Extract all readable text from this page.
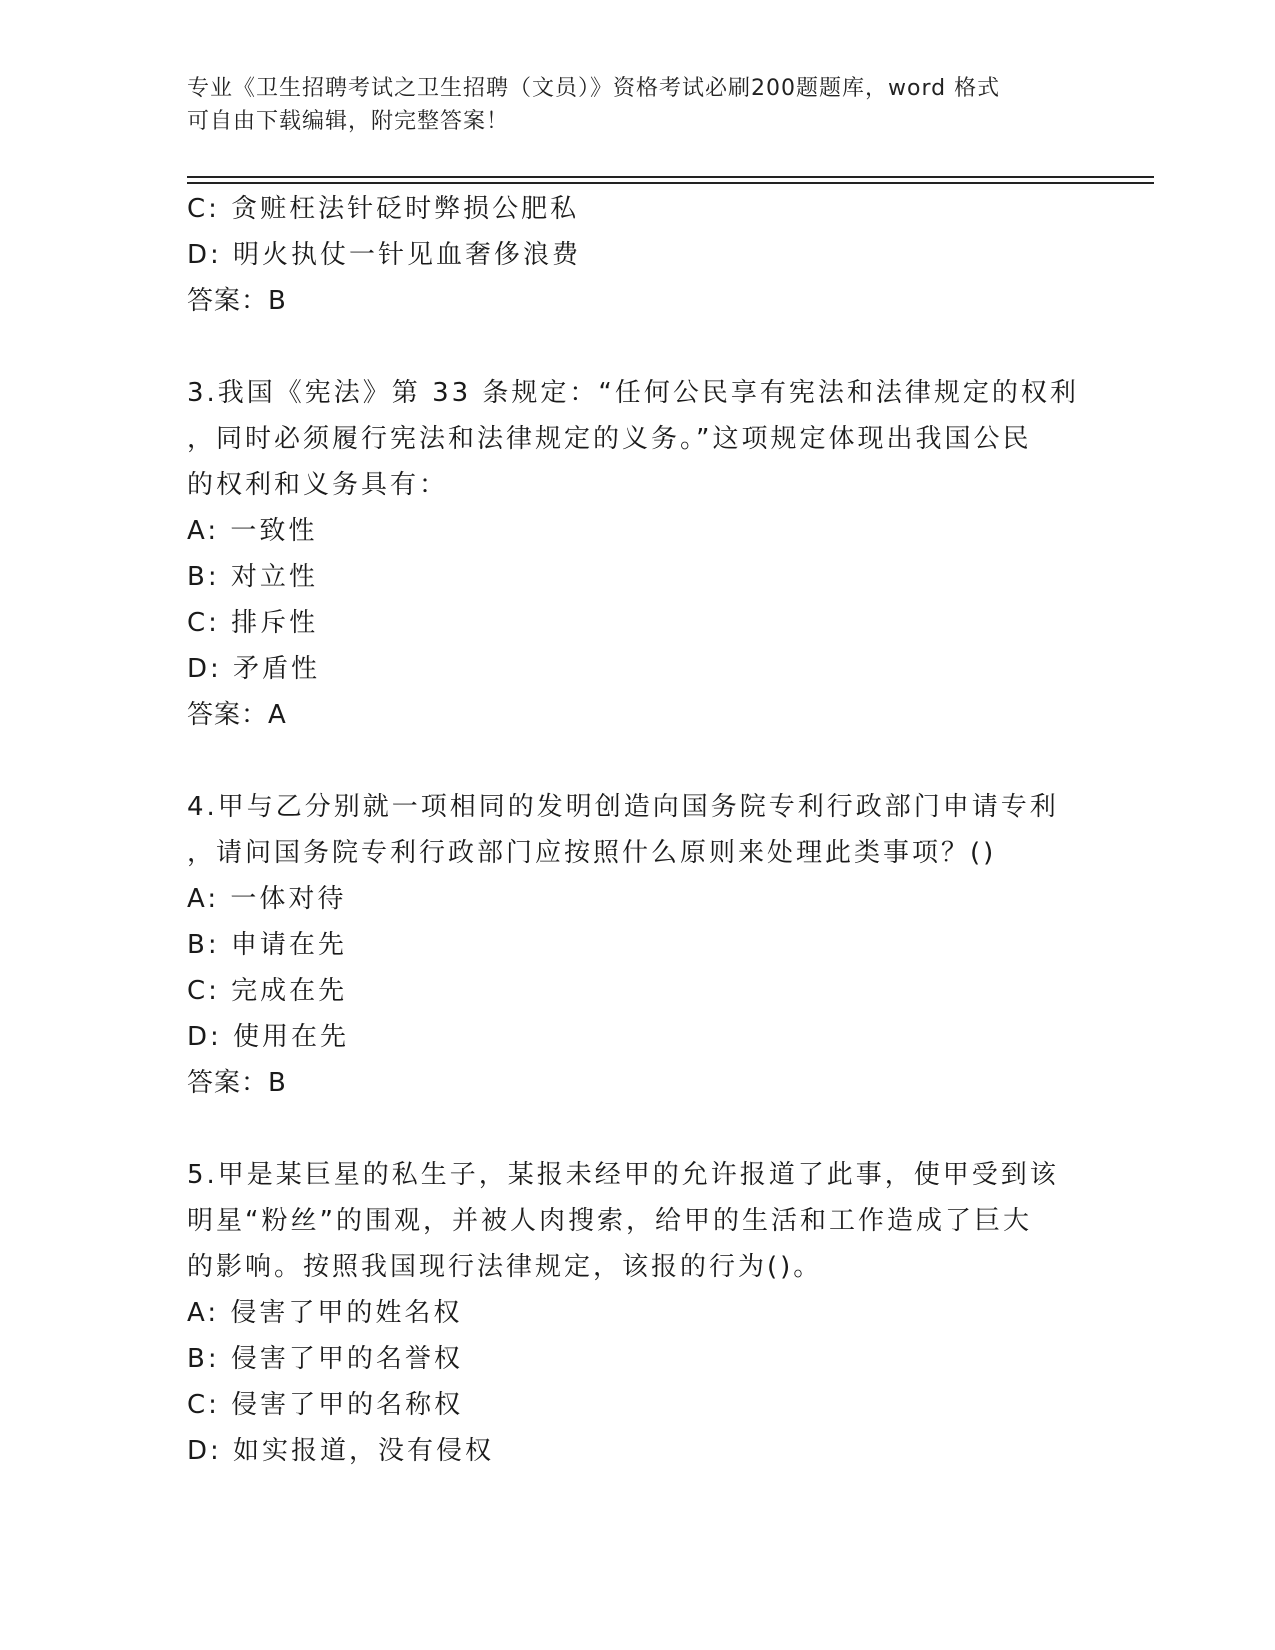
专业《卫生招聘考试之卫生招聘（文员）》资格考试必刷200题题库，word 格式
可自由下载编辑，附完整答案！
C: 贪赃枉法针砭时弊损公肥私
D: 明火执仗一针见血奢侈浪费
答案：B
3.我国《宪法》第 33 条规定：“任何公民享有宪法和法律规定的权利
，同时必须履行宪法和法律规定的义务。”这项规定体现出我国公民
的权利和义务具有：
A: 一致性
B: 对立性
C: 排斥性
D: 矛盾性
答案：A
4.甲与乙分别就一项相同的发明创造向国务院专利行政部门申请专利
，请问国务院专利行政部门应按照什么原则来处理此类事项？()
A: 一体对待
B: 申请在先
C: 完成在先
D: 使用在先
答案：B
5.甲是某巨星的私生子，某报未经甲的允许报道了此事，使甲受到该
明星“粉丝”的围观，并被人肉搜索，给甲的生活和工作造成了巨大
的影响。按照我国现行法律规定，该报的行为()。
A: 侵害了甲的姓名权
B: 侵害了甲的名誉权
C: 侵害了甲的名称权
D: 如实报道，没有侵权
